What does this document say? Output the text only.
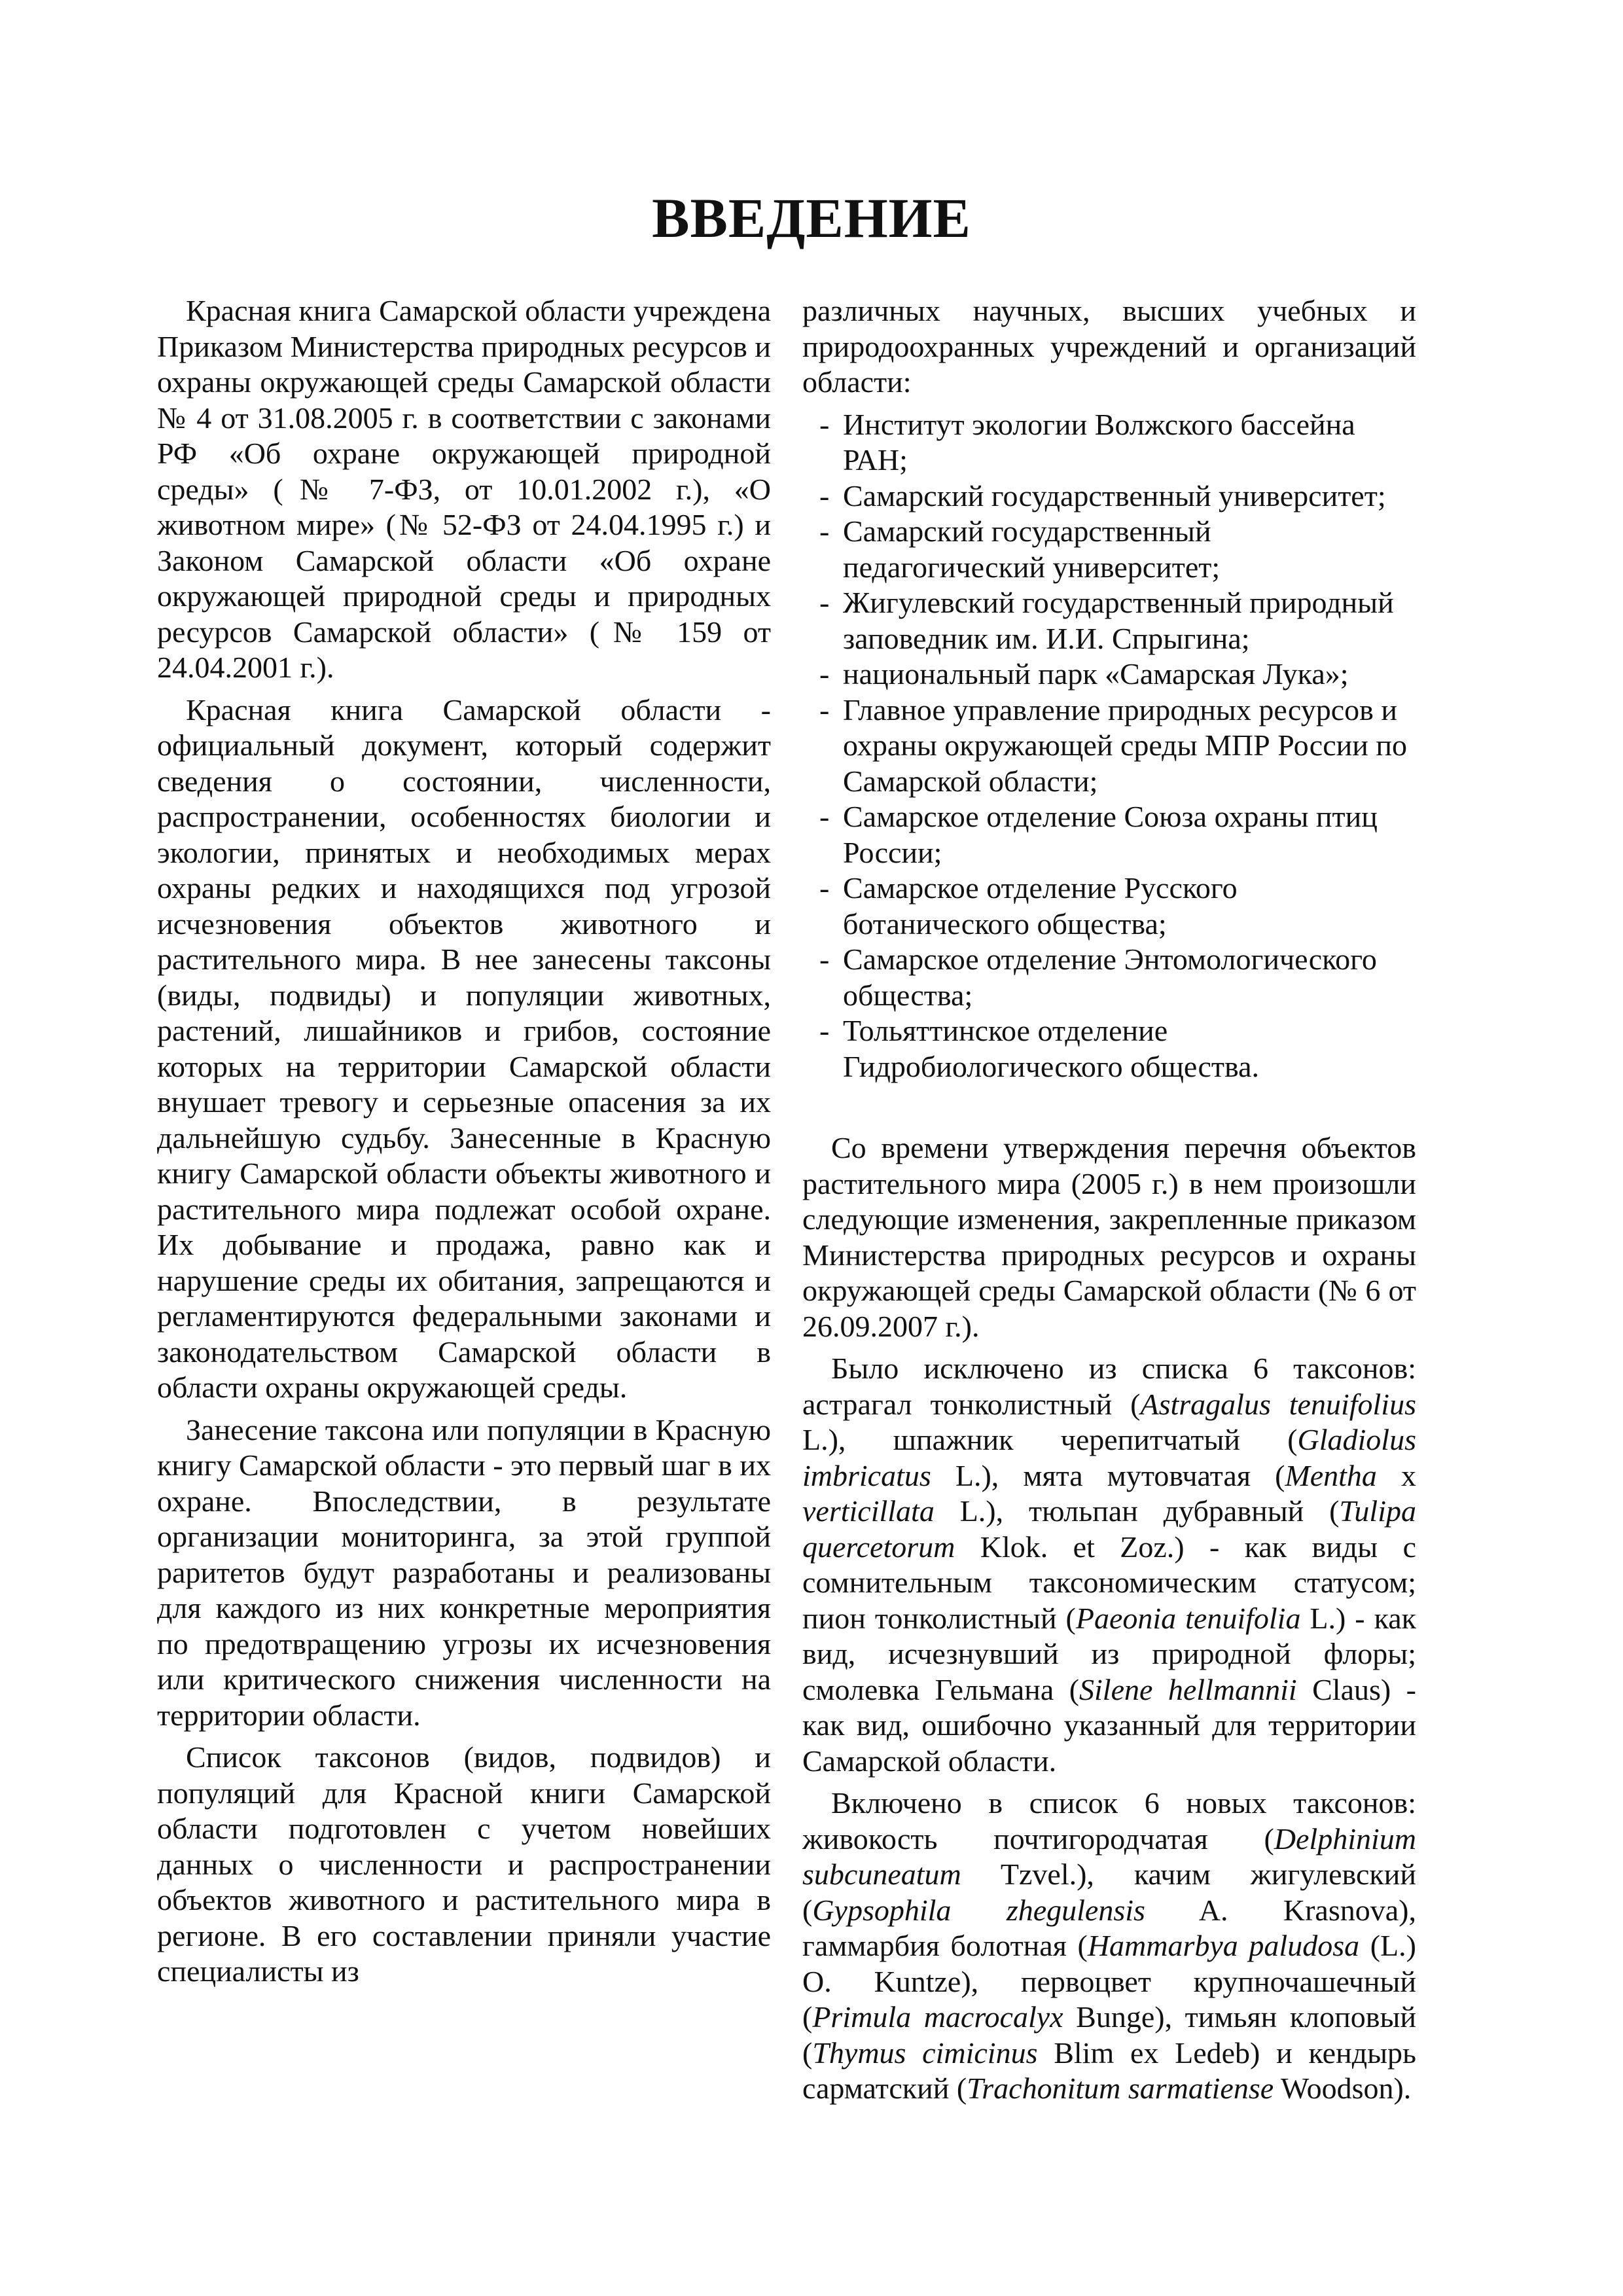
ВВЕДЕНИЕ

Красная книга Самарской области учреждена Приказом Министерства природных ресурсов и охраны окружающей среды Самарской области № 4 от 31.08.2005 г. в соответствии с законами РФ «Об охране окружающей природной среды» (№ 7-ФЗ, от 10.01.2002 г.), «О животном мире» (№ 52-ФЗ от 24.04.1995 г.) и Законом Самарской области «Об охране окружающей природной среды и природных ресурсов Самарской области» (№ 159 от 24.04.2001 г.).

Красная книга Самарской области - официальный документ, который содержит сведения о состоянии, численности, распространении, особенностях биологии и экологии, принятых и необходимых мерах охраны редких и находящихся под угрозой исчезновения объектов животного и растительного мира. В нее занесены таксоны (виды, подвиды) и популяции животных, растений, лишайников и грибов, состояние которых на территории Самарской области внушает тревогу и серьезные опасения за их дальнейшую судьбу. Занесенные в Красную книгу Самарской области объекты животного и растительного мира подлежат особой охране. Их добывание и продажа, равно как и нарушение среды их обитания, запрещаются и регламентируются федеральными законами и законодательством Самарской области в области охраны окружающей среды.

Занесение таксона или популяции в Красную книгу Самарской области - это первый шаг в их охране. Впоследствии, в результате организации мониторинга, за этой группой раритетов будут разработаны и реализованы для каждого из них конкретные мероприятия по предотвращению угрозы их исчезновения или критического снижения численности на территории области.

Список таксонов (видов, подвидов) и популяций для Красной книги Самарской области подготовлен с учетом новейших данных о численности и распространении объектов животного и растительного мира в регионе. В его составлении приняли участие специалисты из

различных научных, высших учебных и природоохранных учреждений и организаций области:

- Институт экологии Волжского бассейна РАН;
- Самарский государственный университет;
- Самарский государственный педагогический университет;
- Жигулевский государственный природный заповедник им. И.И. Спрыгина;
- национальный парк «Самарская Лука»;
- Главное управление природных ресурсов и охраны окружающей среды МПР России по Самарской области;
- Самарское отделение Союза охраны птиц России;
- Самарское отделение Русского ботанического общества;
- Самарское отделение Энтомологического общества;
- Тольяттинское отделение Гидробиологического общества.

Со времени утверждения перечня объектов растительного мира (2005 г.) в нем произошли следующие изменения, закрепленные приказом Министерства природных ресурсов и охраны окружающей среды Самарской области (№ 6 от 26.09.2007 г.).

Было исключено из списка 6 таксонов: астрагал тонколистный (Astragalus tenuifolius L.), шпажник черепитчатый (Gladiolus imbricatus L.), мята мутовчатая (Mentha x verticillata L.), тюльпан дубравный (Tulipa quercetorum Klok. et Zoz.) - как виды с сомнительным таксономическим статусом; пион тонколистный (Paeonia tenuifolia L.) - как вид, исчезнувший из природной флоры; смолевка Гельмана (Silene hellmannii Claus) - как вид, ошибочно указанный для территории Самарской области.

Включено в список 6 новых таксонов: живокость почтигородчатая (Delphinium subcuneatum Tzvel.), качим жигулевский (Gypsophila zhegulensis A. Krasnova), гаммарбия болотная (Hammarbya paludosa (L.) O. Kuntze), первоцвет крупночашечный (Primula macrocalyx Bunge), тимьян клоповый (Thymus cimicinus Blim ex Ledeb) и кендырь сарматский (Trachonitum sarmatiense Woodson).
